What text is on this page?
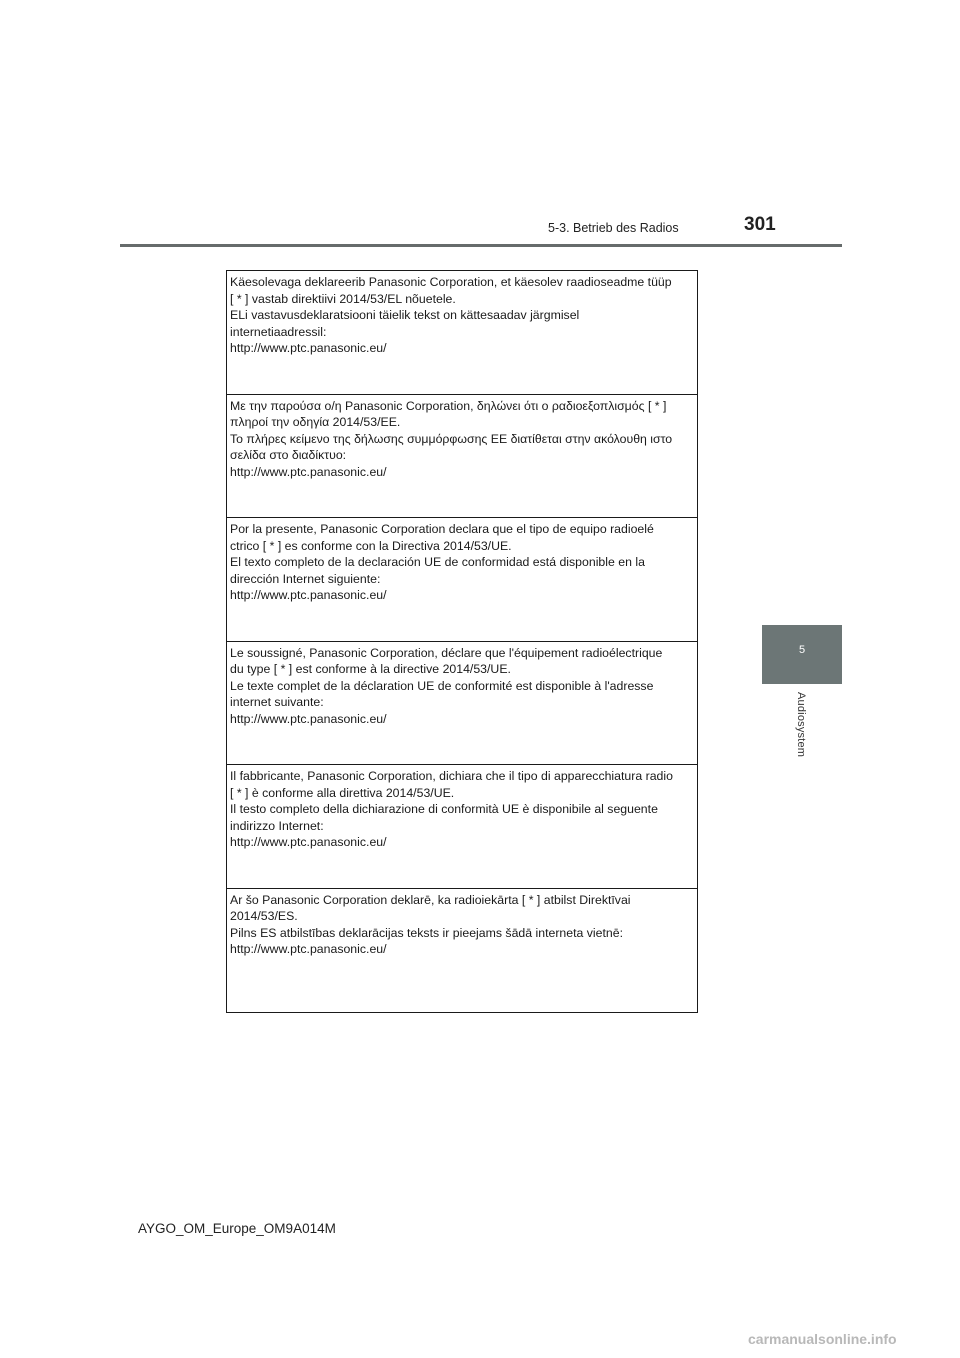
5-3. Betrieb des Radios	301
5
Audiosystem
Käesolevaga deklareerib Panasonic Corporation, et käesolev raadioseadme tüüp
[ * ] vastab direktiivi 2014/53/EL nõuetele.
ELi vastavusdeklaratsiooni täielik tekst on kättesaadav järgmisel
internetiaadressil:
http://www.ptc.panasonic.eu/
Με την παρούσα ο/η Panasonic Corporation, δηλώνει ότι ο ραδιοεξοπλισμός [ * ]
πληροί την οδηγία 2014/53/ΕΕ.
Το πλήρες κείμενο της δήλωσης συμμόρφωσης ΕΕ διατίθεται στην ακόλουθη ιστο
σελίδα στο διαδίκτυο:
http://www.ptc.panasonic.eu/
Por la presente, Panasonic Corporation declara que el tipo de equipo radioelé
ctrico [ * ] es conforme con la Directiva 2014/53/UE.
El texto completo de la declaración UE de conformidad está disponible en la
dirección Internet siguiente:
http://www.ptc.panasonic.eu/
Le soussigné, Panasonic Corporation, déclare que l'équipement radioélectrique
du type [ * ] est conforme à la directive 2014/53/UE.
Le texte complet de la déclaration UE de conformité est disponible à l'adresse
internet suivante:
http://www.ptc.panasonic.eu/
Il fabbricante, Panasonic Corporation, dichiara che il tipo di apparecchiatura radio
[ * ] è conforme alla direttiva 2014/53/UE.
Il testo completo della dichiarazione di conformità UE è disponibile al seguente
indirizzo Internet:
http://www.ptc.panasonic.eu/
Ar šo Panasonic Corporation deklarē, ka radioiekārta [ * ] atbilst Direktīvai
2014/53/ES.
Pilns ES atbilstības deklarācijas teksts ir pieejams šādā interneta vietnē:
http://www.ptc.panasonic.eu/
AYGO_OM_Europe_OM9A014M
carmanualsonline.info
